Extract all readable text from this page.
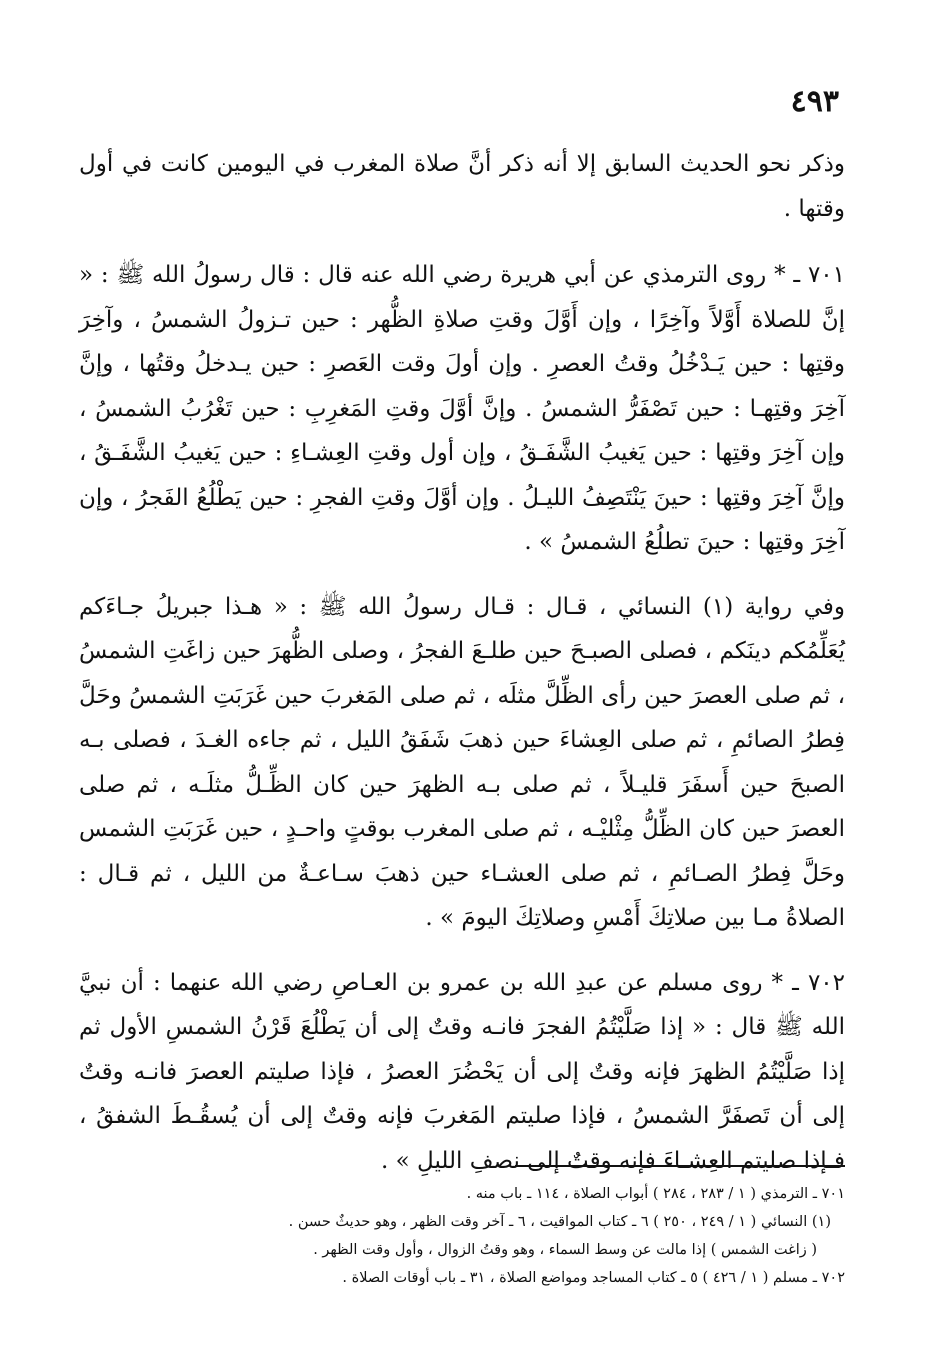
٤٩٣

وذكر نحو الحديث السابق إلا أنه ذكر أنَّ صلاة المغرب في اليومين كانت في أول وقتها .

٧٠١ ـ * روى الترمذي عن أبي هريرة رضي الله عنه قال : قال رسولُ الله ﷺ : « إنَّ للصلاة أَوَّلاً وآخِرًا ، وإن أَوَّلَ وقتِ صلاةِ الظُّهر : حين تـزولُ الشمسُ ، وآخِرَ وقتِها : حين يَـدْخُلُ وقتُ العصرِ . وإن أولَ وقت العَصرِ : حين يـدخلُ وقتُها ، وإنَّ آخِرَ وقتِهـا : حين تَصْفَرُّ الشمسُ . وإنَّ أوَّلَ وقتِ المَغرِبِ : حين تَغْرُبُ الشمسُ ، وإن آخِرَ وقتِها : حين يَغيبُ الشَّفَـقُ ، وإن أول وقتِ العِشـاءِ : حين يَغيبُ الشَّفَـقُ ، وإنَّ آخِرَ وقتِها : حينَ يَنْتَصِفُ الليـلُ . وإن أوَّلَ وقتِ الفجرِ : حين يَطْلُعُ الفَجرُ ، وإن آخِرَ وقتِها : حينَ تطلُعُ الشمسُ » .

وفي رواية (١) النسائي ، قـال : قـال رسولُ الله ﷺ : « هـذا جبريلُ جـاءَكم يُعَلِّمُكم دينَكم ، فصلى الصبـحَ حين طلـعَ الفجرُ ، وصلى الظُّهرَ حين زاغَتِ الشمسُ ، ثم صلى العصرَ حين رأى الظِّلَّ مثلَه ، ثم صلى المَغربَ حين غَرَبَتِ الشمسُ وحَلَّ فِطرُ الصائمِ ، ثم صلى العِشاءَ حين ذهبَ شَفَقُ الليل ، ثم جاءه الغـدَ ، فصلى بـه الصبحَ حين أَسفَرَ قليـلاً ، ثم صلى بـه الظهرَ حين كان الظِّـلُّ مثلَـه ، ثم صلى العصرَ حين كان الظِّلُّ مِثْليْـه ، ثم صلى المغرب بوقتٍ واحـدٍ ، حين غَرَبَتِ الشمس وحَلَّ فِطرُ الصـائمِ ، ثم صلى العشـاء حين ذهبَ سـاعـةٌ من الليل ، ثم قـال : الصلاةُ مـا بين صلاتِكَ أَمْسِ وصلاتِكَ اليومَ » .

٧٠٢ ـ * روى مسلم عن عبدِ الله بن عمرو بن العـاصِ رضي الله عنهما : أن نبيَّ الله ﷺ قال : « إذا صَلَّيْتُمُ الفجرَ فانـه وقتٌ إلى أن يَطْلُعَ قَرْنُ الشمسِ الأول ثم إذا صَلَّيْتُمُ الظهرَ فإنه وقتٌ إلى أن يَحْضُرَ العصرُ ، فإذا صليتم العصرَ فانـه وقتٌ إلى أن تَصفَرَّ الشمسُ ، فإذا صليتم المَغربَ فإنه وقتٌ إلى أن يُسقُـطَ الشفقُ ، فـإذا صليتم العِشـاءَ فإنه وقتٌ إلى نصفِ الليلِ » .

٧٠١ ـ الترمذي ( ١ / ٢٨٣ ، ٢٨٤ ) أبواب الصلاة ، ١١٤ ـ باب منه .

(١) النسائي ( ١ / ٢٤٩ ، ٢٥٠ ) ٦ ـ كتاب المواقيت ، ٦ ـ آخر وقت الظهر ، وهو حديثٌ حسن .

( زاغت الشمس ) إذا مالت عن وسط السماء ، وهو وقتُ الزوال ، وأول وقت الظهر .

٧٠٢ ـ مسلم ( ١ / ٤٢٦ ) ٥ ـ كتاب المساجد ومواضع الصلاة ، ٣١ ـ باب أوقات الصلاة .
